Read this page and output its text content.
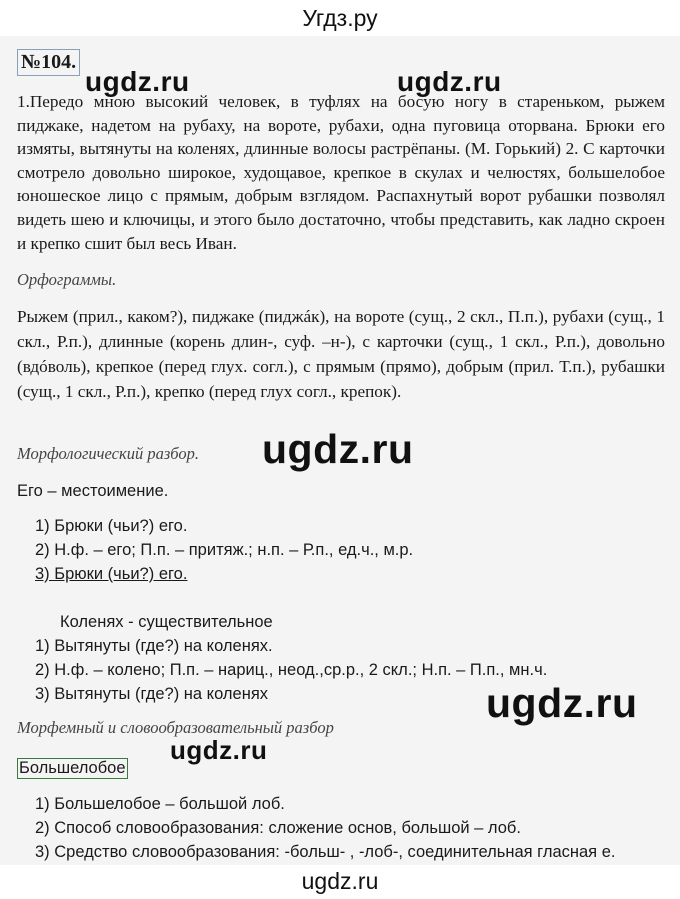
Угдз.ру
№104.
ugdz.ru	ugdz.ru
1.Передо мною высокий человек, в туфлях на босую ногу в стареньком, рыжем пиджаке, надетом на рубаху, на вороте, рубахи, одна пуговица оторвана. Брюки его измяты, вытянуты на коленях, длинные волосы растрёпаны. (М. Горький) 2. С карточки смотрело довольно широкое, худощавое, крепкое в скулах и челюстях, большелобое юношеское лицо с прямым, добрым взглядом. Распахнутый ворот рубашки позволял видеть шею и ключицы, и этого было достаточно, чтобы представить, как ладно скроен и крепко сшит был весь Иван.
Орфограммы.
Рыжем (прил., каком?), пиджаке (пиджáк), на вороте (сущ., 2 скл., П.п.), рубахи (сущ., 1 скл., Р.п.), длинные (корень длин-, суф. –н-), с карточки (сущ., 1 скл., Р.п.), довольно (вдóволь), крепкое (перед глух. согл.), с прямым (прямо), добрым (прил. Т.п.), рубашки (сущ., 1 скл., Р.п.), крепко (перед глух согл., крепок).
ugdz.ru
Морфологический разбор.
Его – местоимение.
1) Брюки (чьи?) его.
2) Н.ф. – его; П.п. – притяж.; н.п. – Р.п., ед.ч., м.р.
3) Брюки (чьи?) его.
Коленях - существительное
1) Вытянуты (где?) на коленях.
2) Н.ф. – колено; П.п. – нариц., неод.,ср.р., 2 скл.; Н.п. – П.п., мн.ч.
3) Вытянуты (где?) на коленях	ugdz.ru
Морфемный и словообразовательный разбор
ugdz.ru
Большелобое
1) Большелобое – большой лоб.
2) Способ словообразования: сложение основ, большой – лоб.
3) Средство словообразования: -больш- , -лоб-, соединительная гласная е.
ugdz.ru
